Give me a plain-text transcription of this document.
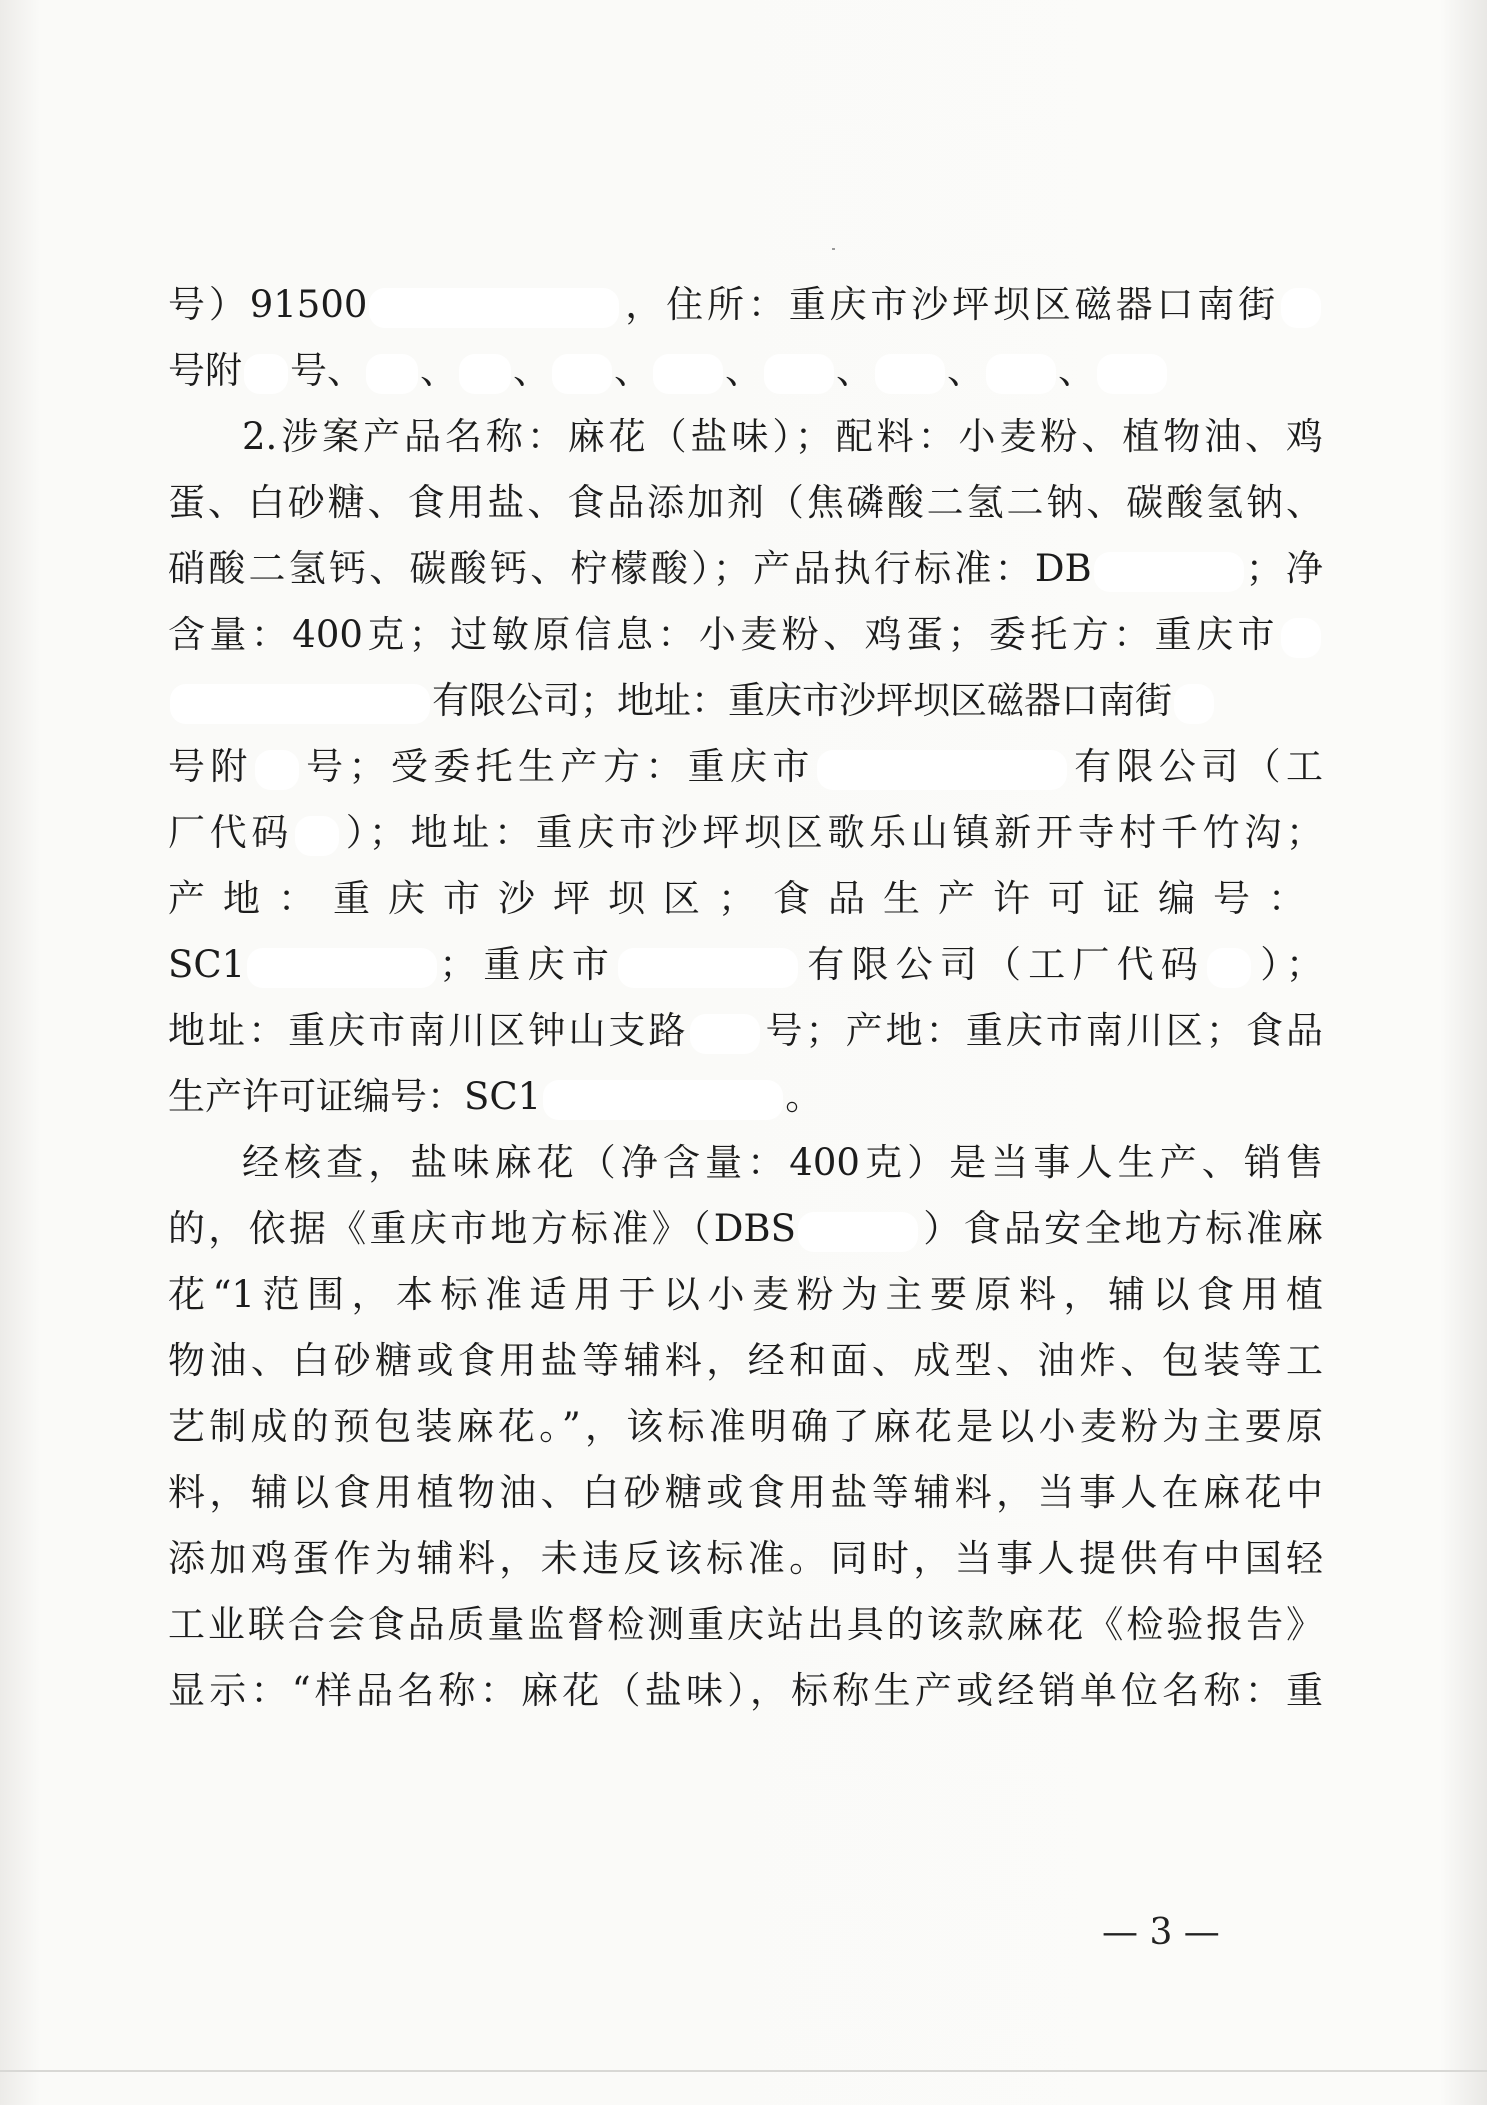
号）91500	，住所：重庆市沙坪坝区磁器口南街
号附 号、 、 、 、 、 、 、 、
2.涉案产品名称：麻花（盐味）；配料：小麦粉、植物油、鸡
蛋、白砂糖、食用盐、食品添加剂（焦磷酸二氢二钠、碳酸氢钠、
硝酸二氢钙、碳酸钙、柠檬酸）；产品执行标准：DB	；净
含量：400克；过敏原信息：小麦粉、鸡蛋；委托方：重庆市
有限公司；地址：重庆市沙坪坝区磁器口南街
号附 号；受委托生产方：重庆市	有限公司（工
厂代码 ）；地址：重庆市沙坪坝区歌乐山镇新开寺村千竹沟；
产地：重庆市沙坪坝区；食品生产许可证编号：
SC1	；重庆市	有限公司（工厂代码 ）；
地址：重庆市南川区钟山支路 号；产地：重庆市南川区；食品
生产许可证编号：SC1	。
经核查，盐味麻花（净含量：400克）是当事人生产、销售
的，依据《重庆市地方标准》（DBS	）食品安全地方标准麻
花“1范围，本标准适用于以小麦粉为主要原料，辅以食用植
物油、白砂糖或食用盐等辅料，经和面、成型、油炸、包装等工
艺制成的预包装麻花。”，该标准明确了麻花是以小麦粉为主要原
料，辅以食用植物油、白砂糖或食用盐等辅料，当事人在麻花中
添加鸡蛋作为辅料，未违反该标准。同时，当事人提供有中国轻
工业联合会食品质量监督检测重庆站出具的该款麻花《检验报告》
显示：“样品名称：麻花（盐味），标称生产或经销单位名称：重
— 3 —
